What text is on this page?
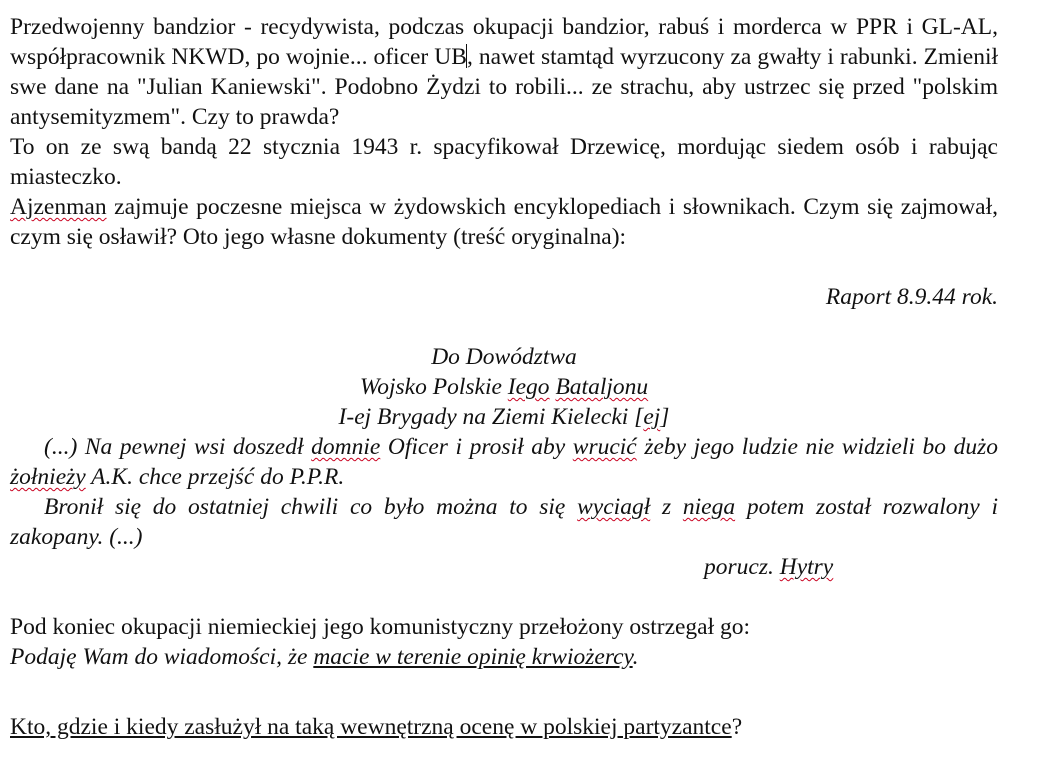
Przedwojenny bandzior - recydywista, podczas okupacji bandzior, rabuś i morderca w PPR i GL-AL, współpracownik NKWD, po wojnie... oficer UB, nawet stamtąd wyrzucony za gwałty i rabunki. Zmienił swe dane na "Julian Kaniewski". Podobno Żydzi to robili... ze strachu, aby ustrzec się przed "polskim antysemityzmem". Czy to prawda?

To on ze swą bandą 22 stycznia 1943 r. spacyfikował Drzewicę, mordując siedem osób i rabując miasteczko.

Ajzenman zajmuje poczesne miejsca w żydowskich encyklopediach i słownikach. Czym się zajmował, czym się osławił? Oto jego własne dokumenty (treść oryginalna):

Raport 8.9.44 rok.

Do Dowództwa

Wojsko Polskie Iego Bataljonu

I-ej Brygady na Ziemi Kielecki [ej]

(...) Na pewnej wsi doszedł domnie Oficer i prosił aby wrucić żeby jego ludzie nie widzieli bo dużo żołnieży A.K. chce przejść do P.P.R.

Bronił się do ostatniej chwili co było można to się wyciagł z niega potem został rozwalony i zakopany. (...)

porucz. Hytry

Pod koniec okupacji niemieckiej jego komunistyczny przełożony ostrzegał go:

Podaję Wam do wiadomości, że macie w terenie opinię krwiożercy.

Kto, gdzie i kiedy zasłużył na taką wewnętrzną ocenę w polskiej partyzantce?
